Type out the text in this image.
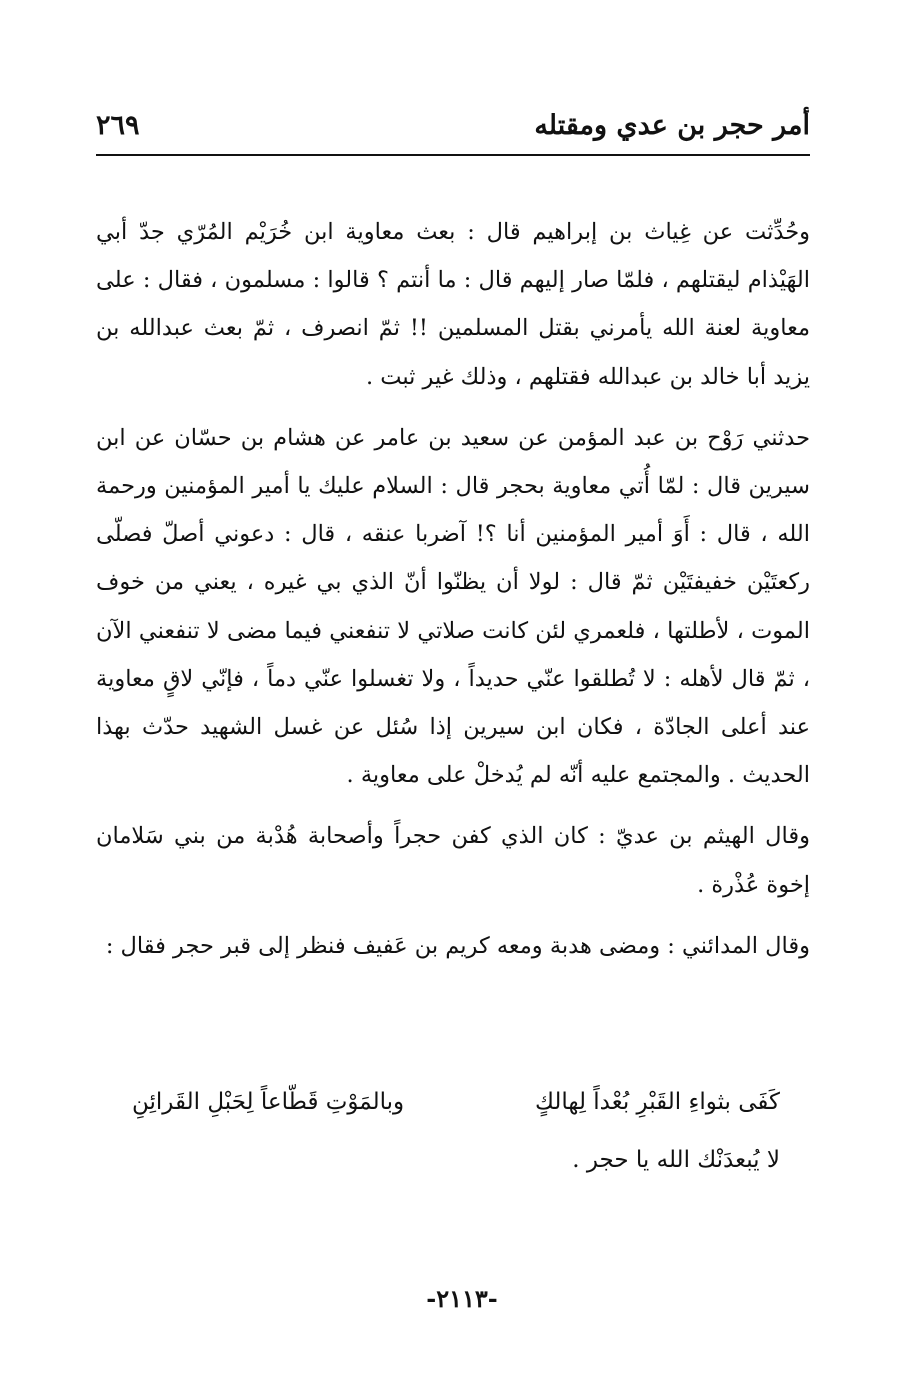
أمر حجر بن عدي ومقتله
٢٦٩

وحُدِّثت عن غِياث بن إبراهيم قال : بعث معاوية ابن خُرَيْم المُرّي جدّ أبي الهَيْذام ليقتلهم ، فلمّا صار إليهم قال : ما أنتم ؟ قالوا : مسلمون ، فقال : على معاوية لعنة الله يأمرني بقتل المسلمين !! ثمّ انصرف ، ثمّ بعث عبدالله بن يزيد أبا خالد بن عبدالله فقتلهم ، وذلك غير ثبت .

حدثني رَوْح بن عبد المؤمن عن سعيد بن عامر عن هشام بن حسّان عن ابن سيرين قال : لمّا أُتي معاوية بحجر قال : السلام عليك يا أمير المؤمنين ورحمة الله ، قال : أَوَ أمير المؤمنين أنا ؟! آضربا عنقه ، قال : دعوني أصلّ فصلّى ركعتَيْن خفيفتَيْن ثمّ قال : لولا أن يظنّوا أنّ الذي بي غيره ، يعني من خوف الموت ، لأطلتها ، فلعمري لئن كانت صلاتي لا تنفعني فيما مضى لا تنفعني الآن ، ثمّ قال لأهله : لا تُطلقوا عنّي حديداً ، ولا تغسلوا عنّي دماً ، فإنّي لاقٍ معاوية عند أعلى الجادّة ، فكان ابن سيرين إذا سُئل عن غسل الشهيد حدّث بهذا الحديث . والمجتمع عليه أنّه لم يُدخلْ على معاوية .

وقال الهيثم بن عديّ : كان الذي كفن حجراً وأصحابة هُدْبة من بني سَلامان إخوة عُذْرة .

وقال المدائني : ومضى هدبة ومعه كريم بن عَفيف فنظر إلى قبر حجر فقال :

كَفَى بثواءِ القَبْرِ بُعْداً لِهالكٍ
وبالمَوْتِ قَطّاعاً لِحَبْلِ القَرائِنِ
لا يُبعدَنْك الله يا حجر .
-٢١١٣-
